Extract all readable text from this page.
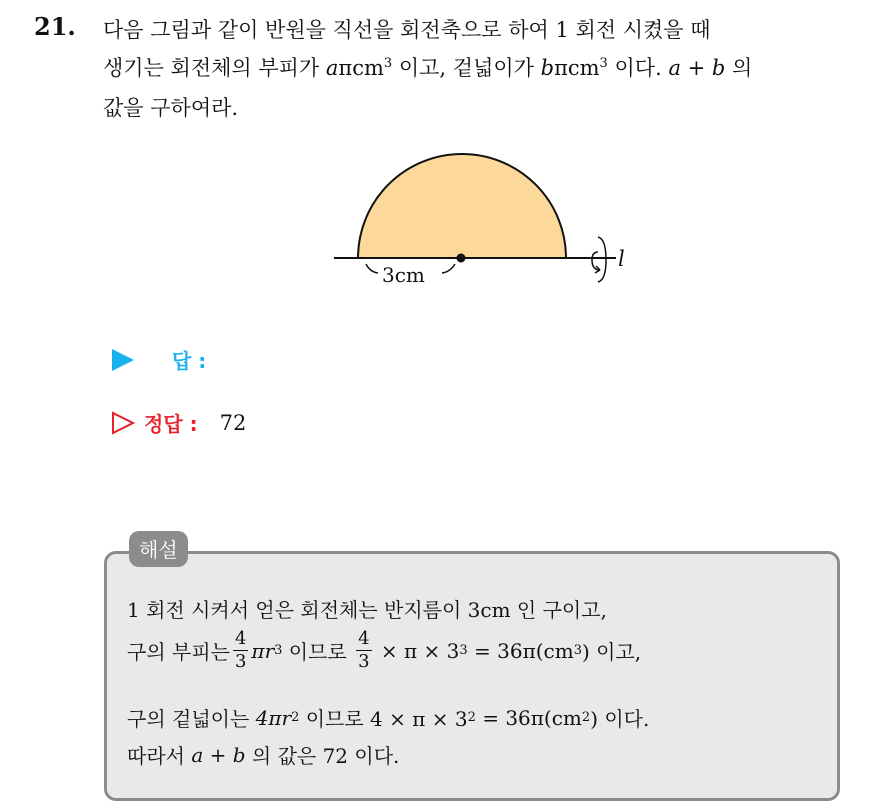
21. 다음 그림과 같이 반원을 직선을 회전축으로 하여 1 회전 시켰을 때
생기는 회전체의 부피가 aπcm$^3$ 이고, 겉넓이가 bπcm$^3$ 이다. a + b 의
값을 구하여라.
3cm
l
답 :
정답 : 72
해설
1 회전 시켜서 얻은 회전체는 반지름이 3cm 인 구이고,
구의 부피는 $\frac{4}{3}$ πr 3 이므로 $\frac{4}{3} \times \pi \times 3$ 3 = 36π(cm 3 ) 이고,
구의 겉넓이는 4πr 2 이므로 4 × π × 3 2 = 36π(cm 2 ) 이다.
따라서 a + b 의 값은 72 이다.
